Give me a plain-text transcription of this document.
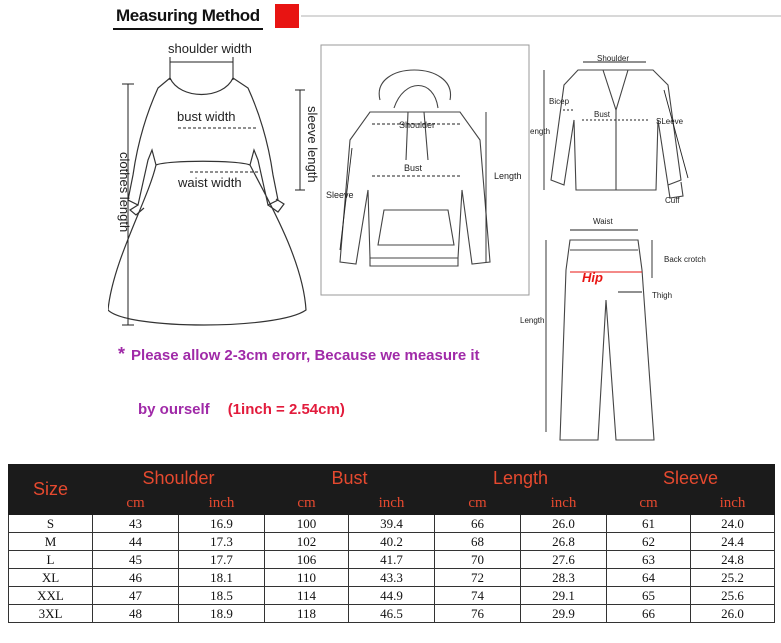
Measuring Method
shoulder width
bust width
waist width	sleeve length
clothes length
Shoulder
Bust
Sleeve
Length
Shoulder
Bicep
Bust
SLeeve
ength
Cuff
Waist
Back crotch
Hip
Thigh
Length
* Please allow 2-3cm erorr, Because we measure it
by ourself (1inch = 2.54cm)
Size	Shoulder		Bust		Length		Sleeve	
	cm	inch	cm	inch	cm	inch	cm	inch
S	43	16.9	100	39.4	66	26.0	61	24.0
M	44	17.3	102	40.2	68	26.8	62	24.4
L	45	17.7	106	41.7	70	27.6	63	24.8
XL	46	18.1	110	43.3	72	28.3	64	25.2
XXL	47	18.5	114	44.9	74	29.1	65	25.6
3XL	48	18.9	118	46.5	76	29.9	66	26.0
